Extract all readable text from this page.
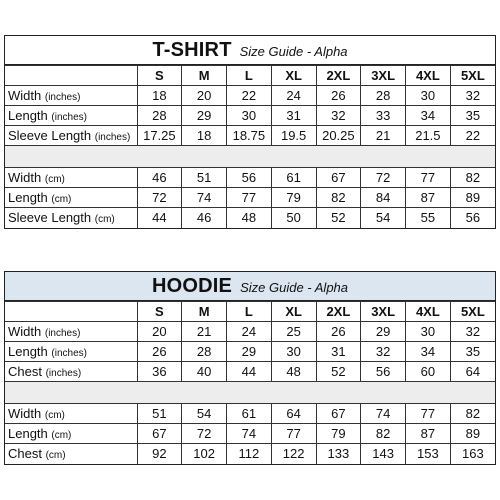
T-SHIRT Size Guide - Alpha
	S	M	L	XL	2XL	3XL	4XL	5XL
Width (inches)	18	20	22	24	26	28	30	32
Length (inches)	28	29	30	31	32	33	34	35
Sleeve Length (inches)	17.25	18	18.75	19.5	20.25	21	21.5	22

Width (cm)	46	51	56	61	67	72	77	82
Length (cm)	72	74	77	79	82	84	87	89
Sleeve Length (cm)	44	46	48	50	52	54	55	56
HOODIE Size Guide - Alpha
	S	M	L	XL	2XL	3XL	4XL	5XL
Width (inches)	20	21	24	25	26	29	30	32
Length (inches)	26	28	29	30	31	32	34	35
Chest (inches)	36	40	44	48	52	56	60	64

Width (cm)	51	54	61	64	67	74	77	82
Length (cm)	67	72	74	77	79	82	87	89
Chest (cm)	92	102	112	122	133	143	153	163
